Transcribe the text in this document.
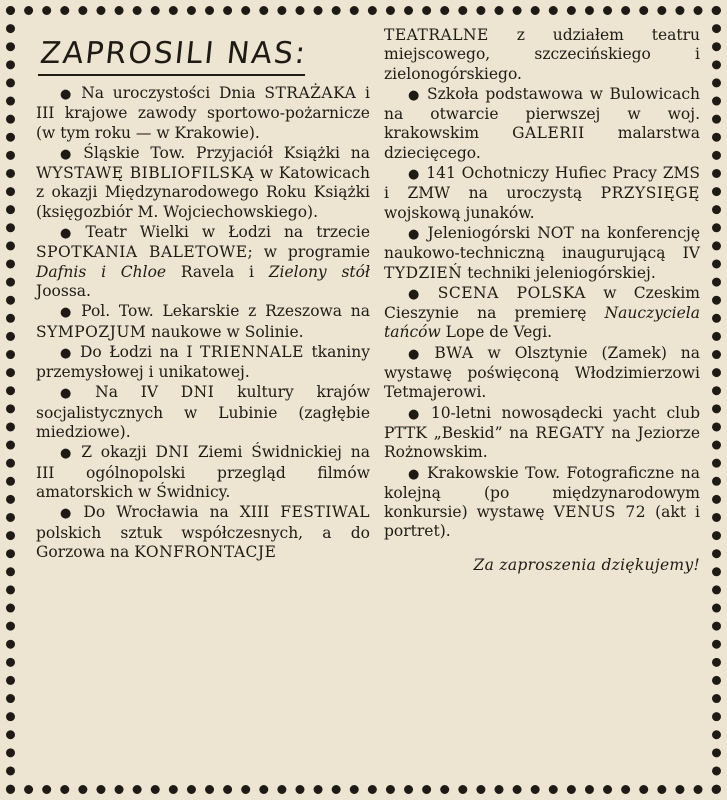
ZAPROSILI NAS:

● Na uroczystości Dnia STRAŻAKA i III krajowe zawody sportowo-pożarnicze (w tym roku — w Krakowie).

● Śląskie Tow. Przyjaciół Książki na WYSTAWĘ BIBLIOFILSKĄ w Katowicach z okazji Międzynarodowego Roku Książki (księgozbiór M. Wojciechowskiego).

● Teatr Wielki w Łodzi na trzecie SPOTKANIA BALETOWE; w programie Dafnis i Chloe Ravela i Zielony stół Joossa.

● Pol. Tow. Lekarskie z Rzeszowa na SYMPOZJUM naukowe w Solinie.

● Do Łodzi na I TRIENNALE tkaniny przemysłowej i unikatowej.

● Na IV DNI kultury krajów socjalistycznych w Lubinie (zagłębie miedziowe).

● Z okazji DNI Ziemi Świdnickiej na III ogólnopolski przegląd filmów amatorskich w Świdnicy.

● Do Wrocławia na XIII FESTIWAL polskich sztuk współczesnych, a do Gorzowa na KONFRONTACJE

TEATRALNE z udziałem teatru miejscowego, szczecińskiego i zielonogórskiego.

● Szkoła podstawowa w Bulowicach na otwarcie pierwszej w woj. krakowskim GALERII malarstwa dziecięcego.

● 141 Ochotniczy Hufiec Pracy ZMS i ZMW na uroczystą PRZYSIĘGĘ wojskową junaków.

● Jeleniogórski NOT na konferencję naukowo-techniczną inaugurującą IV TYDZIEŃ techniki jeleniogórskiej.

● SCENA POLSKA w Czeskim Cieszynie na premierę Nauczyciela tańców Lope de Vegi.

● BWA w Olsztynie (Zamek) na wystawę poświęconą Włodzimierzowi Tetmajerowi.

● 10-letni nowosądecki yacht club PTTK „Beskid” na REGATY na Jeziorze Rożnowskim.

● Krakowskie Tow. Fotograficzne na kolejną (po międzynarodowym konkursie) wystawę VENUS 72 (akt i portret).

Za zaproszenia dziękujemy!
